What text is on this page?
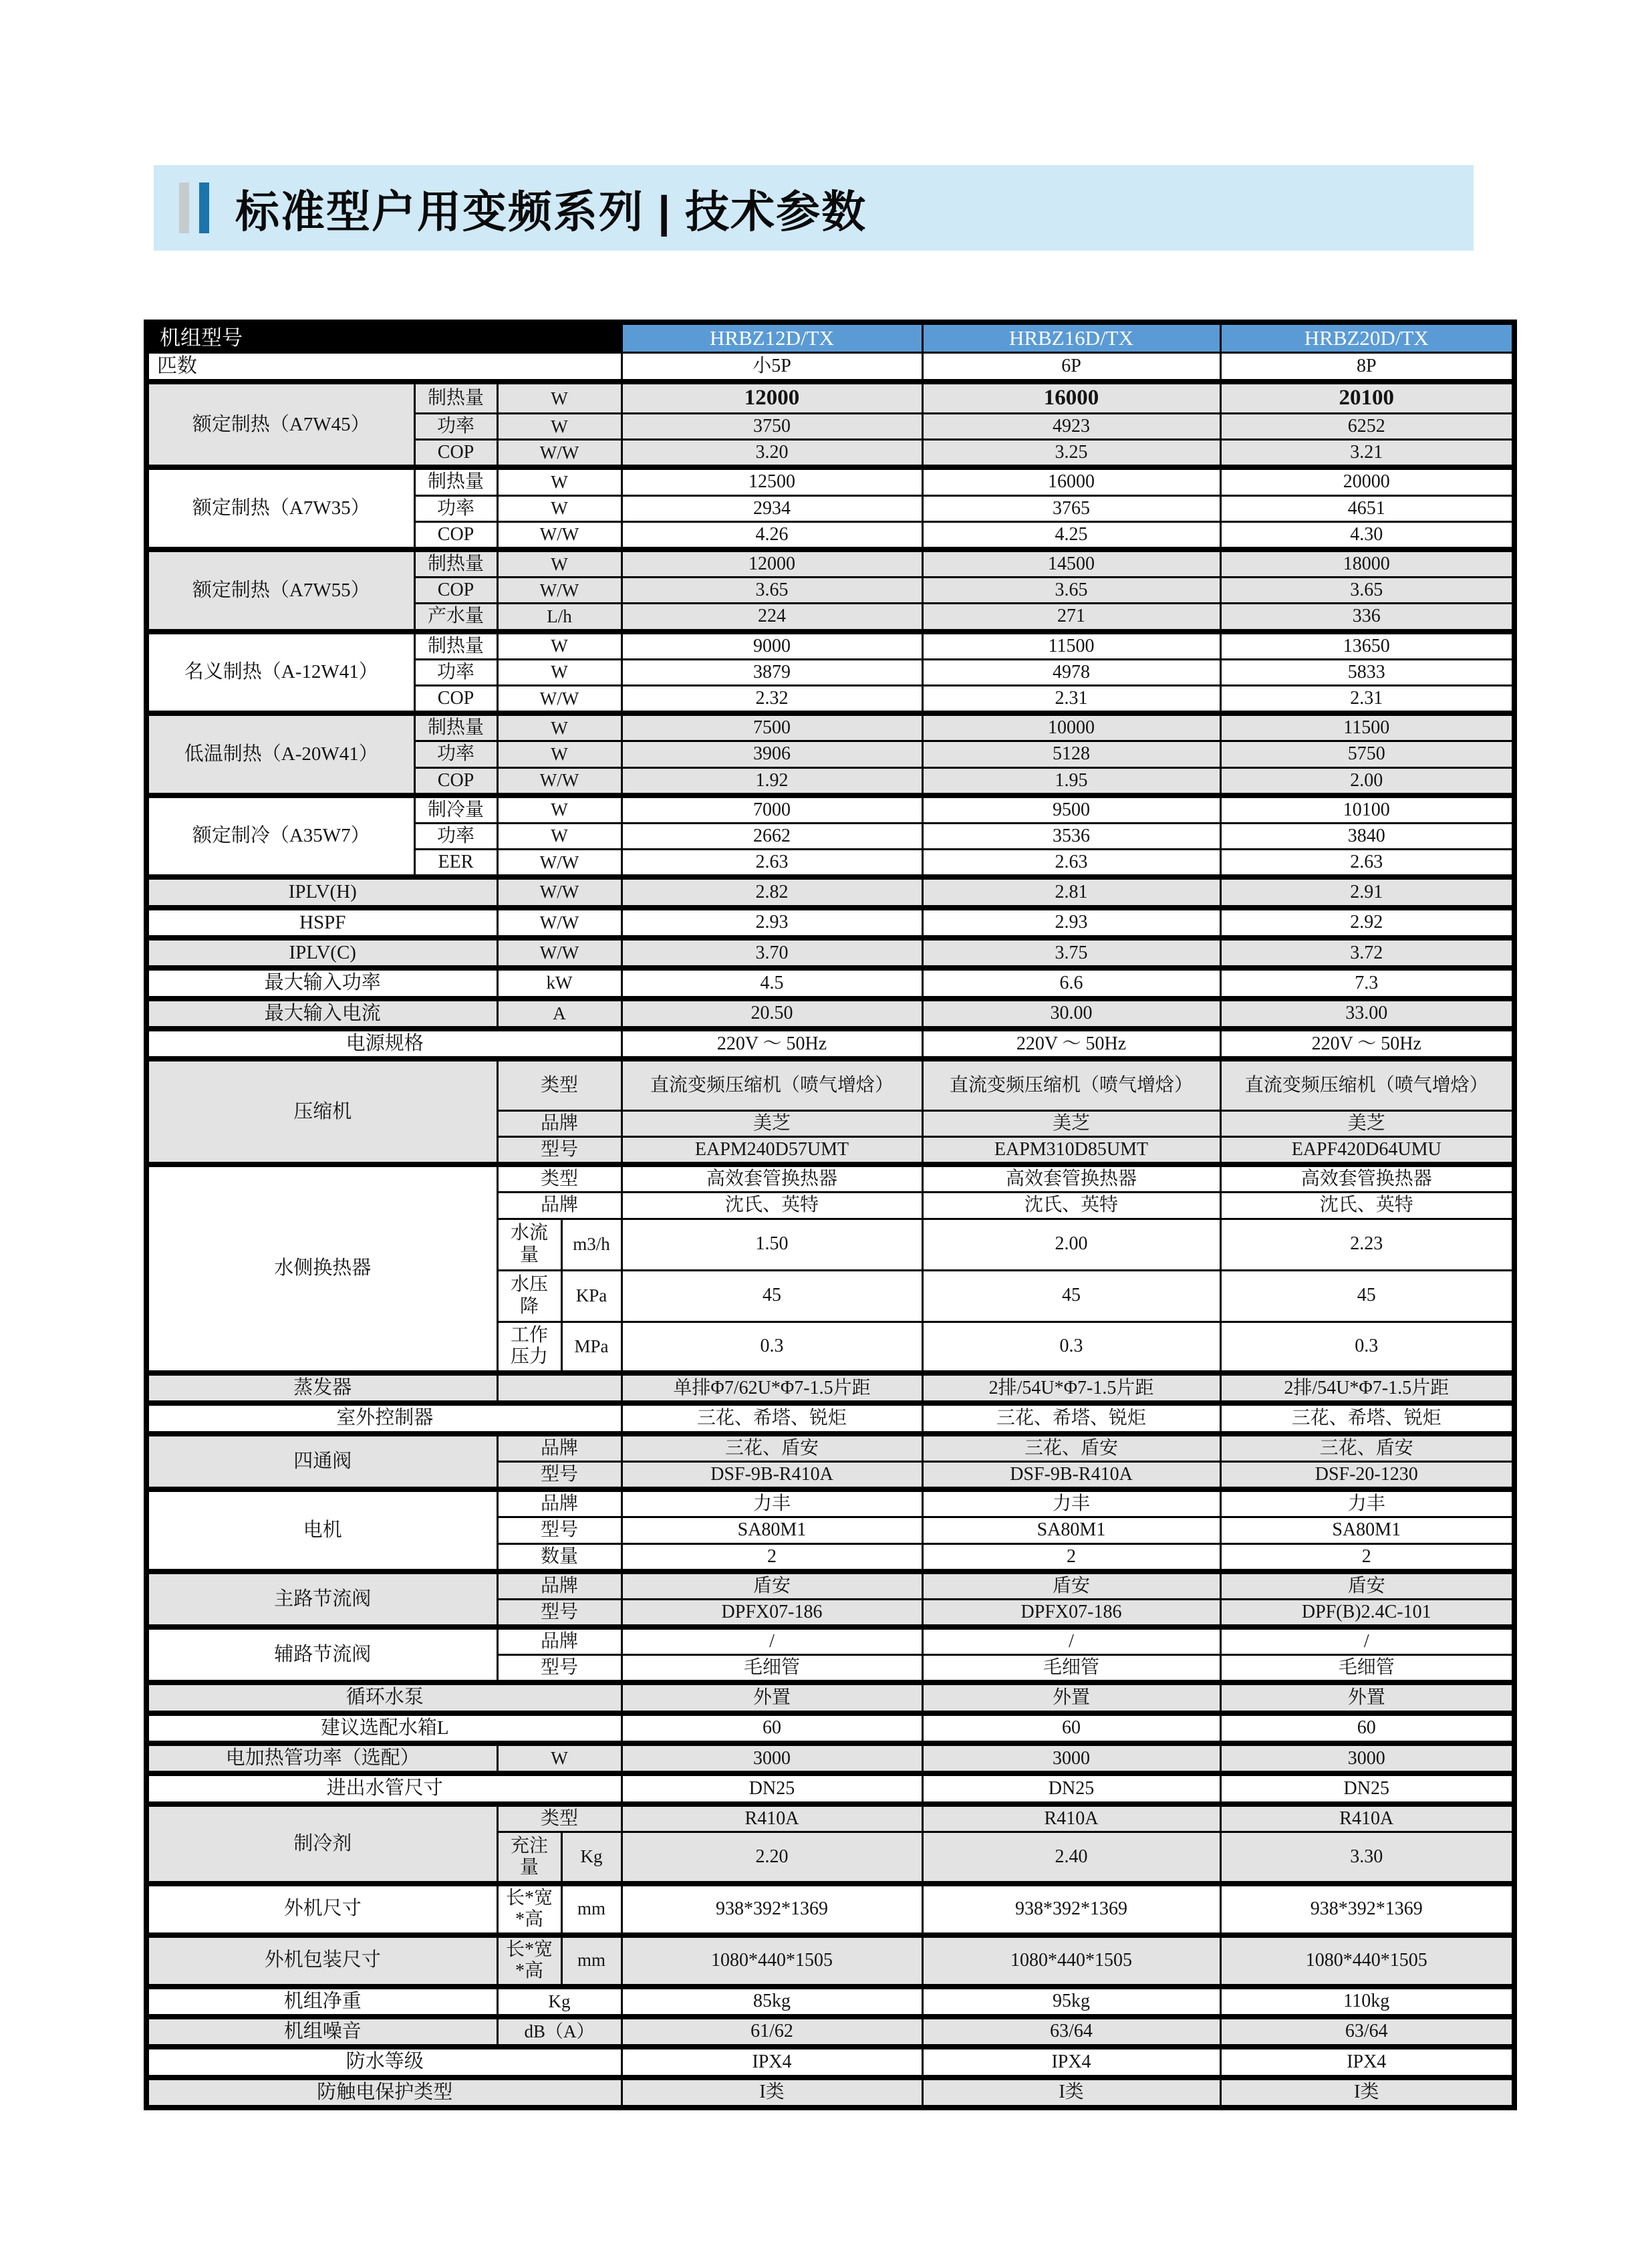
标准型户用变频系列 | 技术参数
机组型号				HRBZ12D/TX	HRBZ16D/TX	HRBZ20D/TX
匹数				小5P	6P	8P
额定制热（A7W45）	制热量	W		12000	16000	20100
	功率	W		3750	4923	6252
	COP	W/W		3.20	3.25	3.21
额定制热（A7W35）	制热量	W		12500	16000	20000
	功率	W		2934	3765	4651
	COP	W/W		4.26	4.25	4.30
额定制热（A7W55）	制热量	W		12000	14500	18000
	COP	W/W		3.65	3.65	3.65
	产水量	L/h		224	271	336
名义制热（A-12W41）	制热量	W		9000	11500	13650
	功率	W		3879	4978	5833
	COP	W/W		2.32	2.31	2.31
低温制热（A-20W41）	制热量	W		7500	10000	11500
	功率	W		3906	5128	5750
	COP	W/W		1.92	1.95	2.00
额定制冷（A35W7）	制冷量	W		7000	9500	10100
	功率	W		2662	3536	3840
	EER	W/W		2.63	2.63	2.63
IPLV(H)		W/W		2.82	2.81	2.91
HSPF		W/W		2.93	2.93	2.92
IPLV(C)		W/W		3.70	3.75	3.72
最大输入功率		kW		4.5	6.6	7.3
最大输入电流		A		20.50	30.00	33.00
电源规格				220V ～ 50Hz	220V ～ 50Hz	220V ～ 50Hz
压缩机		类型		直流变频压缩机（喷气增焓）	直流变频压缩机（喷气增焓）	直流变频压缩机（喷气增焓）
		品牌		美芝	美芝	美芝
		型号		EAPM240D57UMT	EAPM310D85UMT	EAPF420D64UMU
水侧换热器		类型		高效套管换热器	高效套管换热器	高效套管换热器
		品牌		沈氏、英特	沈氏、英特	沈氏、英特
		水流量	m3/h	1.50	2.00	2.23
		水压降	KPa	45	45	45
		工作压力	MPa	0.3	0.3	0.3
蒸发器				单排Φ7/62U*Φ7-1.5片距	2排/54U*Φ7-1.5片距	2排/54U*Φ7-1.5片距
室外控制器				三花、希塔、锐炬	三花、希塔、锐炬	三花、希塔、锐炬
四通阀		品牌		三花、盾安	三花、盾安	三花、盾安
		型号		DSF-9B-R410A	DSF-9B-R410A	DSF-20-1230
电机		品牌		力丰	力丰	力丰
		型号		SA80M1	SA80M1	SA80M1
		数量		2	2	2
主路节流阀		品牌		盾安	盾安	盾安
		型号		DPFX07-186	DPFX07-186	DPF(B)2.4C-101
辅路节流阀		品牌		/	/	/
		型号		毛细管	毛细管	毛细管
循环水泵				外置	外置	外置
建议选配水箱L				60	60	60
电加热管功率（选配）		W		3000	3000	3000
进出水管尺寸				DN25	DN25	DN25
制冷剂		类型		R410A	R410A	R410A
		充注量	Kg	2.20	2.40	3.30
外机尺寸		长*宽*高	mm	938*392*1369	938*392*1369	938*392*1369
外机包装尺寸		长*宽*高	mm	1080*440*1505	1080*440*1505	1080*440*1505
机组净重		Kg		85kg	95kg	110kg
机组噪音		dB（A）		61/62	63/64	63/64
防水等级				IPX4	IPX4	IPX4
防触电保护类型				I类	I类	I类
